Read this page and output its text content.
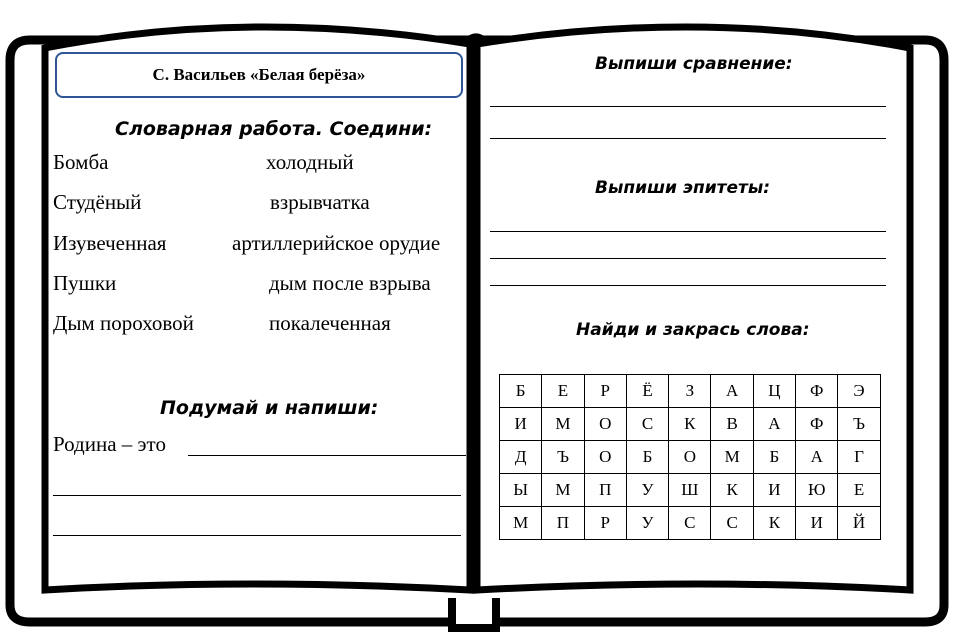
С. Васильев «Белая берёза»
Словарная работа. Соедини:
Бомба	холодный
Студёный	взрывчатка
Изувеченная	артиллерийское орудие
Пушки	дым после взрыва
Дым пороховой	покалеченная
Подумай и напиши:
Родина – это
Выпиши сравнение:
Выпиши эпитеты:
Найди и закрась слова:
Б	Е	Р	Ё	З	А	Ц	Ф	Э
И	М	О	С	К	В	А	Ф	Ъ
Д	Ъ	О	Б	О	М	Б	А	Г
Ы	М	П	У	Ш	К	И	Ю	Е
М	П	Р	У	С	С	К	И	Й
